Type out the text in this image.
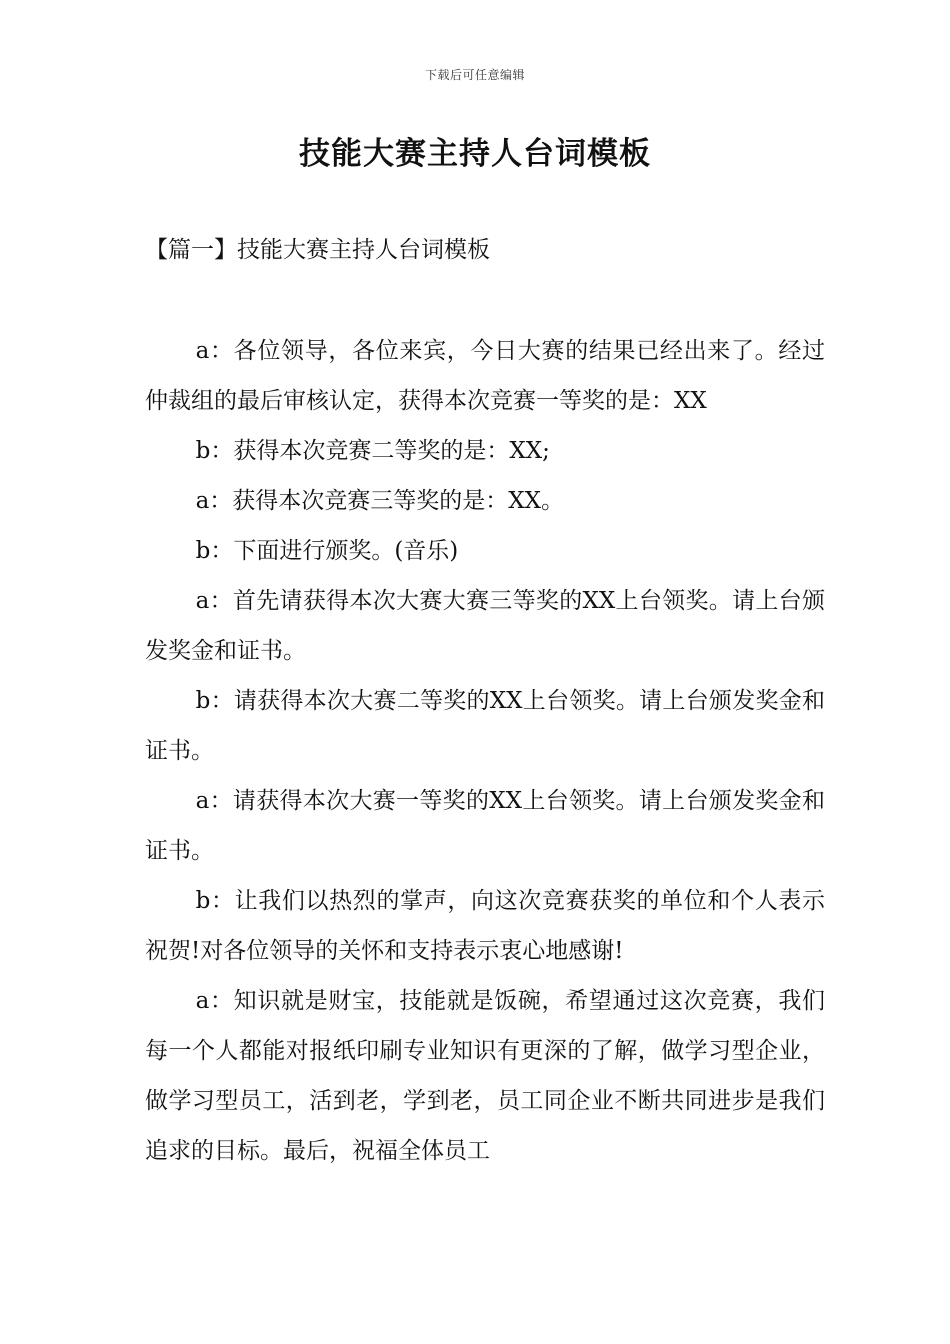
下载后可任意编辑
技能大赛主持人台词模板
【篇一】技能大赛主持人台词模板

a：各位领导，各位来宾，今日大赛的结果已经出来了。经过仲裁组的最后审核认定，获得本次竞赛一等奖的是：XX

b：获得本次竞赛二等奖的是：XX;

a：获得本次竞赛三等奖的是：XX。

b：下面进行颁奖。(音乐)

a：首先请获得本次大赛大赛三等奖的XX上台领奖。请上台颁发奖金和证书。

b：请获得本次大赛二等奖的XX上台领奖。请上台颁发奖金和证书。

a：请获得本次大赛一等奖的XX上台领奖。请上台颁发奖金和证书。

b：让我们以热烈的掌声，向这次竞赛获奖的单位和个人表示祝贺!对各位领导的关怀和支持表示衷心地感谢!

a：知识就是财宝，技能就是饭碗，希望通过这次竞赛，我们每一个人都能对报纸印刷专业知识有更深的了解，做学习型企业，做学习型员工，活到老，学到老，员工同企业不断共同进步是我们追求的目标。最后，祝福全体员工
